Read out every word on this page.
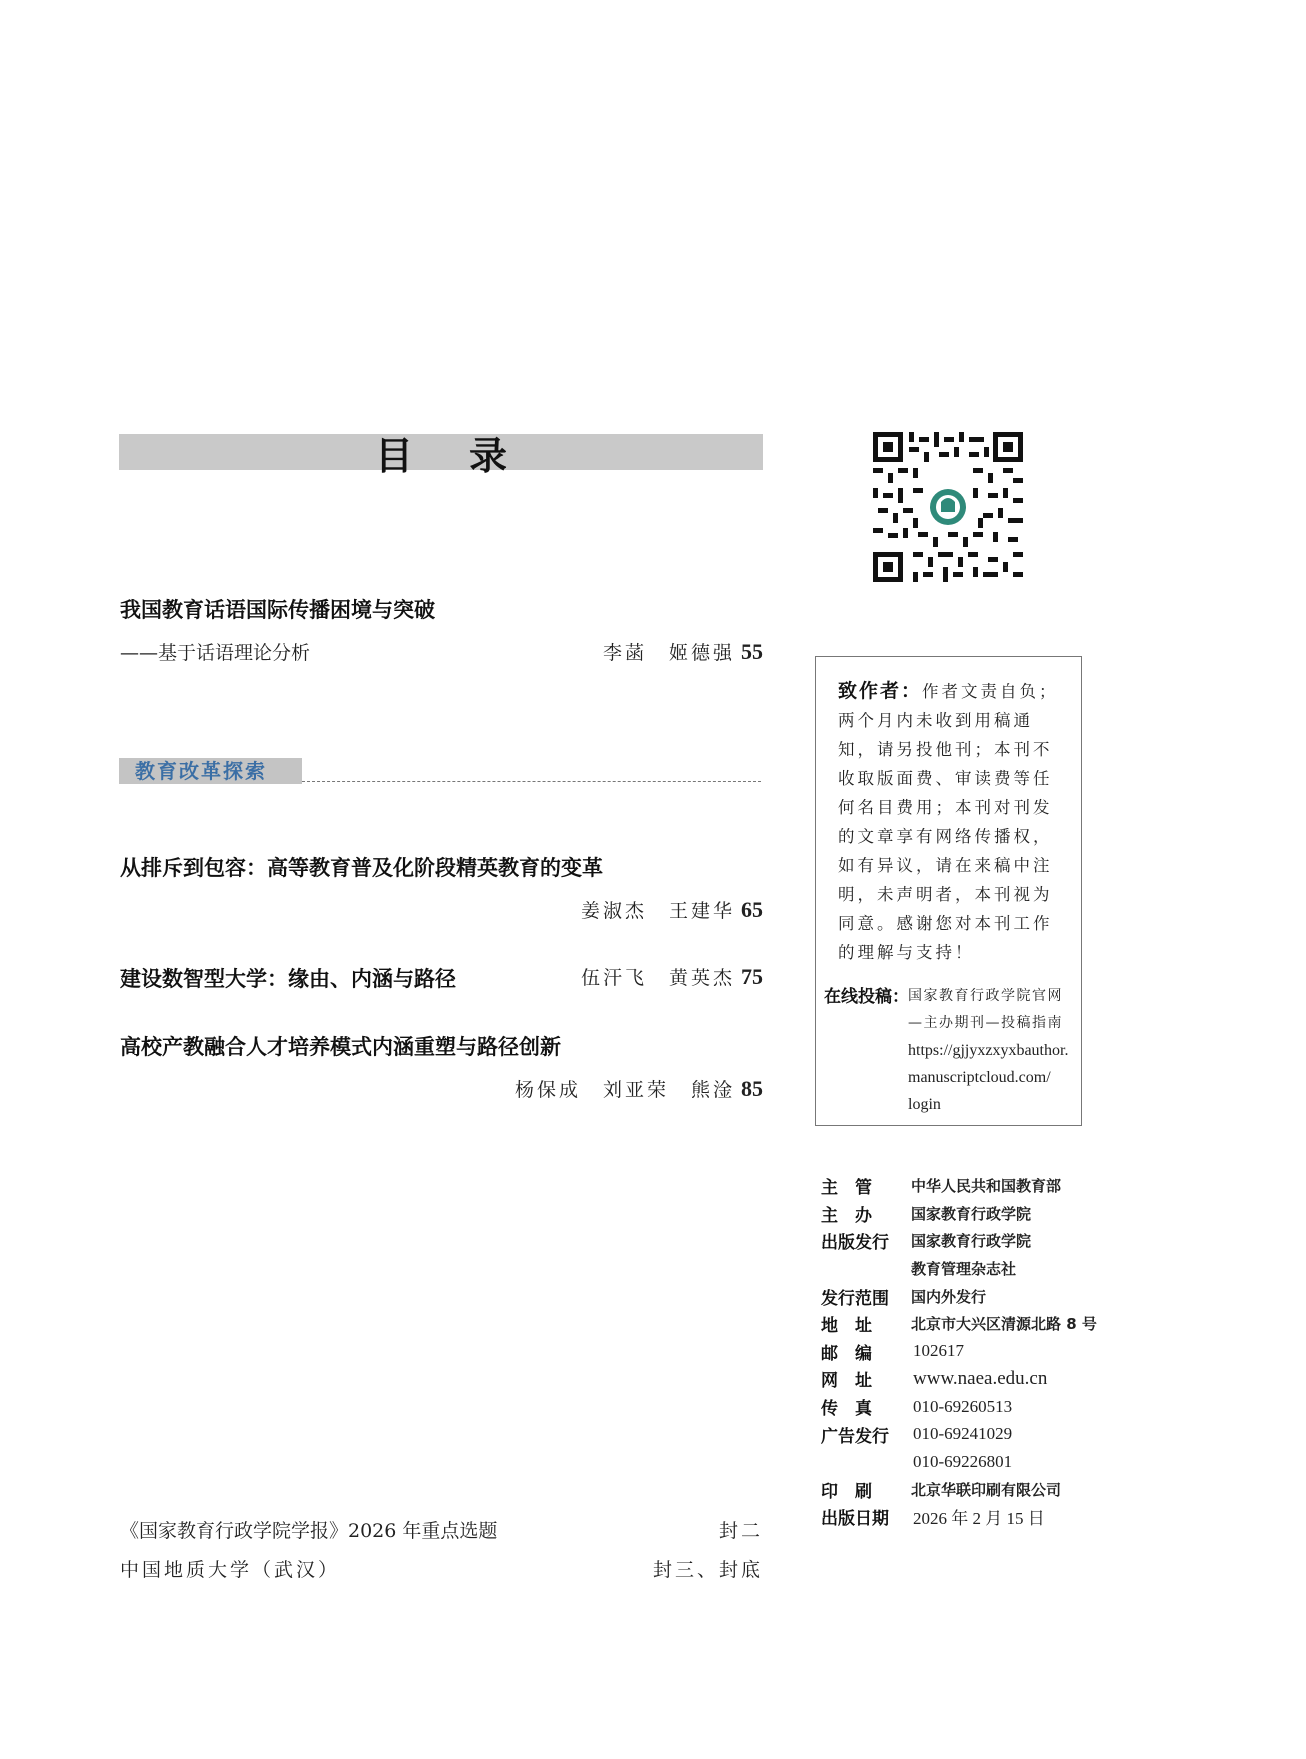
目录
我国教育话语国际传播困境与突破
——基于话语理论分析	李菡 姬德强 55
教育改革探索
从排斥到包容：高等教育普及化阶段精英教育的变革
姜淑杰 王建华 65
建设数智型大学：缘由、内涵与路径	伍汗飞 黄英杰 75
高校产教融合人才培养模式内涵重塑与路径创新
杨保成 刘亚荣 熊淦 85
《国家教育行政学院学报》2026 年重点选题	封二
中国地质大学（武汉）	封三、封底
致作者：作者文责自负；两个月内未收到用稿通知，请另投他刊；本刊不收取版面费、审读费等任何名目费用；本刊对刊发的文章享有网络传播权，如有异议，请在来稿中注明，未声明者，本刊视为同意。感谢您对本刊工作的理解与支持！
在线投稿： 国家教育行政学院官网—主办期刊—投稿指南
https://gjjyxzxyxbauthor.
manuscriptcloud.com/
login
主　管	中华人民共和国教育部
主　办	国家教育行政学院
出版发行	国家教育行政学院
教育管理杂志社
发行范围	国内外发行
地　址	北京市大兴区清源北路 8 号
邮　编	102617
网　址	www.naea.edu.cn
传　真	010-69260513
广告发行	010-69241029
010-69226801
印　刷	北京华联印刷有限公司
出版日期	2026 年 2 月 15 日
